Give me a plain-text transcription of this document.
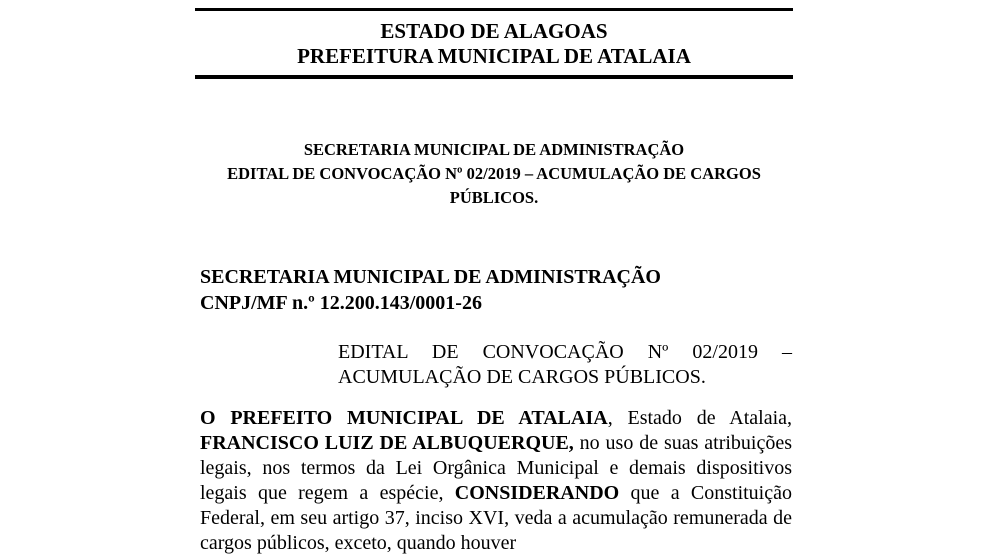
ESTADO DE ALAGOAS
PREFEITURA MUNICIPAL DE ATALAIA
SECRETARIA MUNICIPAL DE ADMINISTRAÇÃO
EDITAL DE CONVOCAÇÃO Nº 02/2019 – ACUMULAÇÃO DE CARGOS
PÚBLICOS.
SECRETARIA MUNICIPAL DE ADMINISTRAÇÃO
CNPJ/MF n.º 12.200.143/0001-26
EDITAL DE CONVOCAÇÃO Nº 02/2019 –
ACUMULAÇÃO DE CARGOS PÚBLICOS.

O PREFEITO MUNICIPAL DE ATALAIA, Estado de Atalaia, FRANCISCO LUIZ DE ALBUQUERQUE, no uso de suas atribuições legais, nos termos da Lei Orgânica Municipal e demais dispositivos legais que regem a espécie, CONSIDERANDO que a Constituição Federal, em seu artigo 37, inciso XVI, veda a acumulação remunerada de cargos públicos, exceto, quando houver
